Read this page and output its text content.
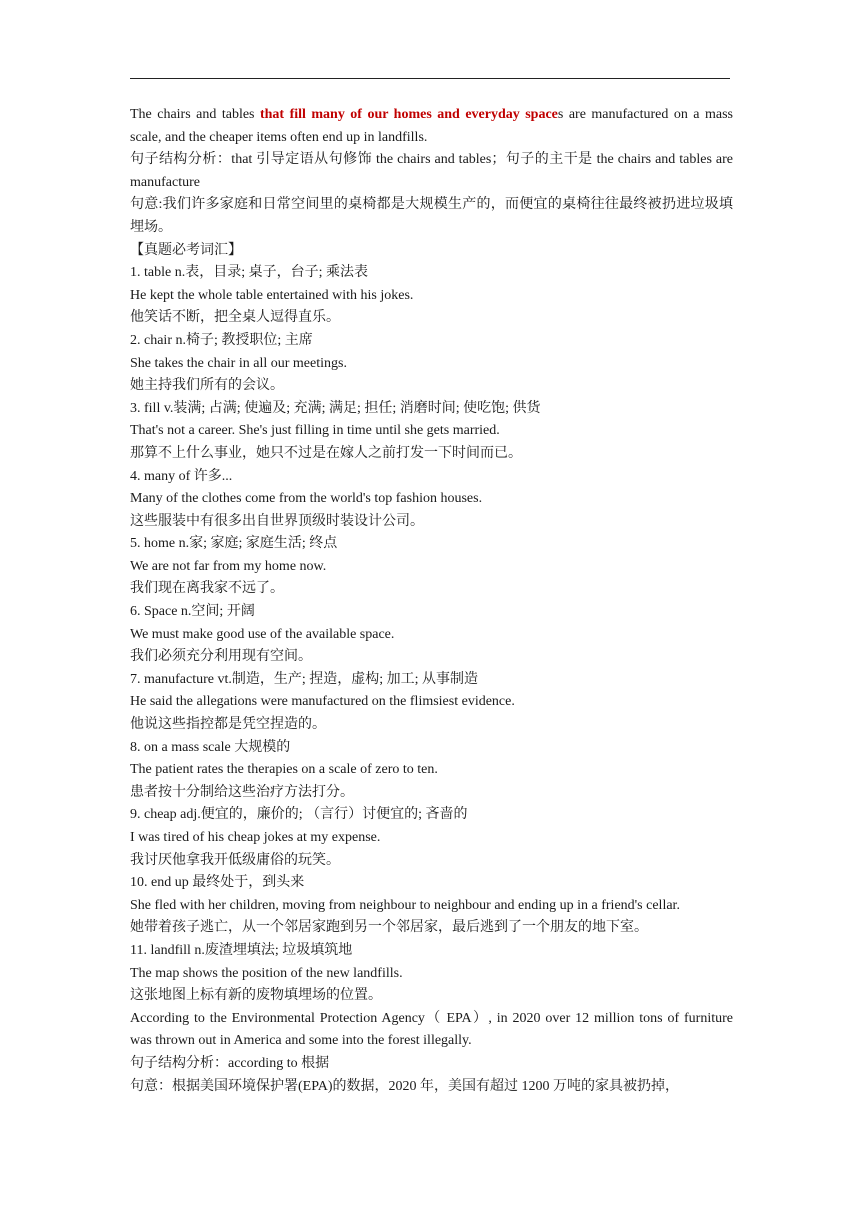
The chairs and tables that fill many of our homes and everyday spaces are manufactured on a mass scale, and the cheaper items often end up in landfills.
句子结构分析：that 引导定语从句修饰 the chairs and tables；句子的主干是 the chairs and tables are manufacture
句意:我们许多家庭和日常空间里的桌椅都是大规模生产的，而便宜的桌椅往往最终被扔进垃圾填埋场。
【真题必考词汇】
1. table n.表，目录; 桌子，台子; 乘法表
He kept the whole table entertained with his jokes.
他笑话不断，把全桌人逗得直乐。
2. chair n.椅子; 教授职位; 主席
She takes the chair in all our meetings.
她主持我们所有的会议。
3. fill v.装满; 占满; 使遍及; 充满; 满足; 担任; 消磨时间; 使吃饱; 供货
That's not a career. She's just filling in time until she gets married.
那算不上什么事业，她只不过是在嫁人之前打发一下时间而已。
4. many of 许多...
Many of the clothes come from the world's top fashion houses.
这些服装中有很多出自世界顶级时装设计公司。
5. home n.家; 家庭; 家庭生活; 终点
We are not far from my home now.
我们现在离我家不远了。
6. Space n.空间; 开阔
We must make good use of the available space.
我们必须充分利用现有空间。
7. manufacture vt.制造，生产; 捏造，虚构; 加工; 从事制造
He said the allegations were manufactured on the flimsiest evidence.
他说这些指控都是凭空捏造的。
8. on a mass scale 大规模的
The patient rates the therapies on a scale of zero to ten.
患者按十分制给这些治疗方法打分。
9. cheap adj.便宜的，廉价的; （言行）讨便宜的; 吝啬的
I was tired of his cheap jokes at my expense.
我讨厌他拿我开低级庸俗的玩笑。
10. end up 最终处于，到头来
She fled with her children, moving from neighbour to neighbour and ending up in a friend's cellar.
她带着孩子逃亡，从一个邻居家跑到另一个邻居家，最后逃到了一个朋友的地下室。
11. landfill n.废渣埋填法; 垃圾填筑地
The map shows the position of the new landfills.
这张地图上标有新的废物填埋场的位置。
According to the Environmental Protection Agency（ EPA）, in 2020 over 12 million tons of furniture was thrown out in America and some into the forest illegally.
句子结构分析：according to 根据
句意：根据美国环境保护署(EPA)的数据，2020 年，美国有超过 1200 万吨的家具被扔掉，
